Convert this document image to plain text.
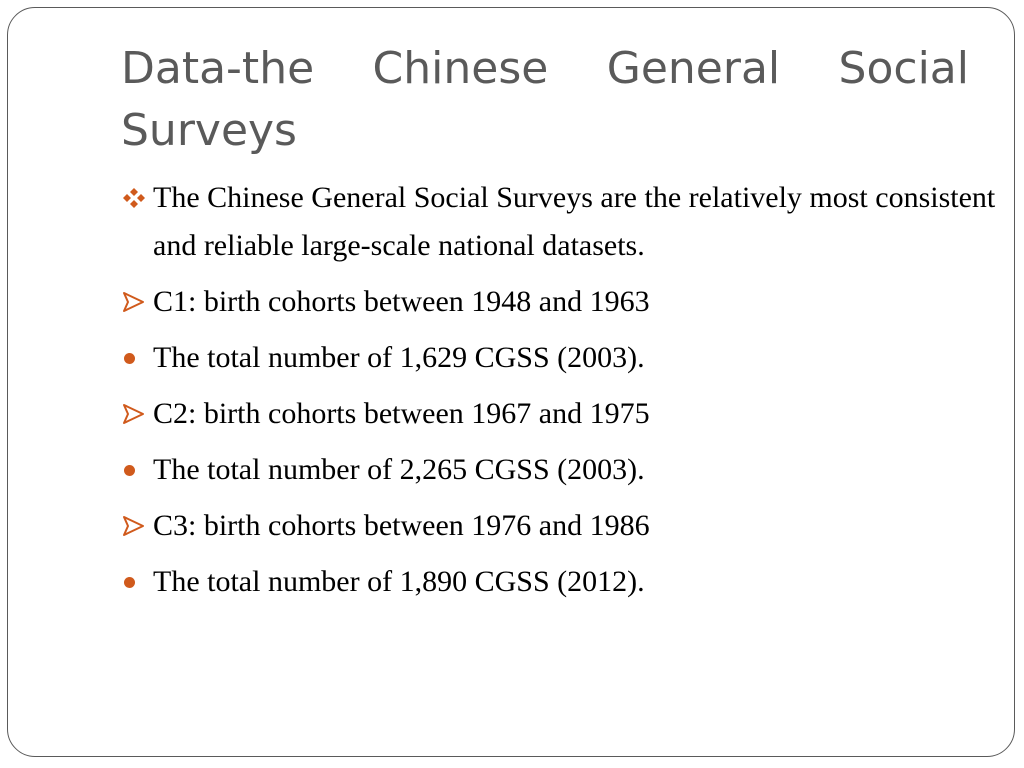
Data-the Chinese General Social
Surveys
The Chinese General Social Surveys are the relatively most consistent and reliable large-scale national datasets.
C1: birth cohorts between 1948 and 1963
The total number of 1,629 CGSS (2003).
C2: birth cohorts between 1967 and 1975
The total number of 2,265 CGSS (2003).
C3: birth cohorts between 1976 and 1986
The total number of 1,890 CGSS (2012).
